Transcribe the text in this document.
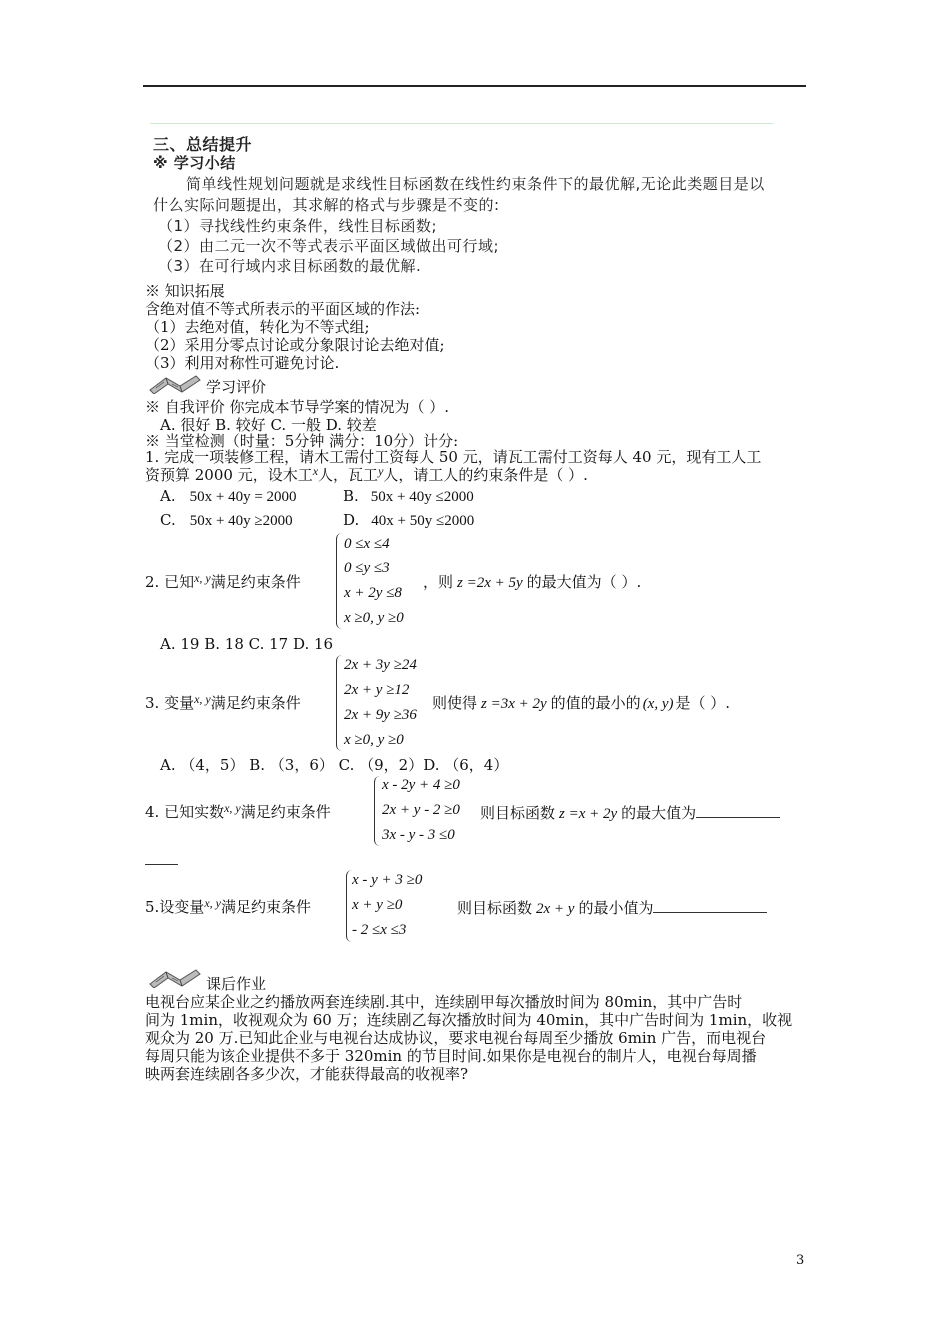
三、总结提升
※ 学习小结
简单线性规划问题就是求线性目标函数在线性约束条件下的最优解,无论此类题目是以
什么实际问题提出，其求解的格式与步骤是不变的:
（1）寻找线性约束条件，线性目标函数;
（2）由二元一次不等式表示平面区域做出可行域;
（3）在可行域内求目标函数的最优解.
※ 知识拓展
含绝对值不等式所表示的平面区域的作法:
（1）去绝对值，转化为不等式组;
（2）采用分零点讨论或分象限讨论去绝对值;
（3）利用对称性可避免讨论.
学习评价
※ 自我评价 你完成本节导学案的情况为（ ）.
A. 很好 B. 较好 C. 一般 D. 较差
※ 当堂检测（时量：5分钟 满分：10分）计分:
1. 完成一项装修工程，请木工需付工资每人 50 元，请瓦工需付工资每人 40 元，现有工人工
资预算 2000 元，设木工$^x$人，瓦工$^y$人，请工人的约束条件是（ ）.
A. 50x + 40y = 2000	B. 50x + 40y ≤2000
C. 50x + 40y ≥2000	D. 40x + 50y ≤2000
2. 已知$^{x, y}$满足约束条件
0 ≤x ≤4
0 ≤y ≤3
x + 2y ≤8
x ≥0, y ≥0
，则 z =2x + 5y 的最大值为（ ）.
A. 19 B. 18 C. 17 D. 16
3. 变量$^{x, y}$满足约束条件
2x + 3y ≥24
2x + y ≥12
2x + 9y ≥36
x ≥0, y ≥0
则使得 z =3x + 2y 的值的最小的 (x, y) 是（ ）.
A. （4，5） B. （3，6） C. （9，2）D. （6，4）
4. 已知实数$^{x, y}$满足约束条件
x - 2y + 4 ≥0
2x + y - 2 ≥0
3x - y - 3 ≤0
则目标函数 z =x + 2y 的最大值为
5.设变量$^{x, y}$满足约束条件
x - y + 3 ≥0
x + y ≥0
- 2 ≤x ≤3
则目标函数 2x + y 的最小值为
课后作业
电视台应某企业之约播放两套连续剧.其中，连续剧甲每次播放时间为 80min，其中广告时
间为 1min，收视观众为 60 万；连续剧乙每次播放时间为 40min，其中广告时间为 1min，收视
观众为 20 万.已知此企业与电视台达成协议，要求电视台每周至少播放 6min 广告，而电视台
每周只能为该企业提供不多于 320min 的节目时间.如果你是电视台的制片人，电视台每周播
映两套连续剧各多少次，才能获得最高的收视率?
3
